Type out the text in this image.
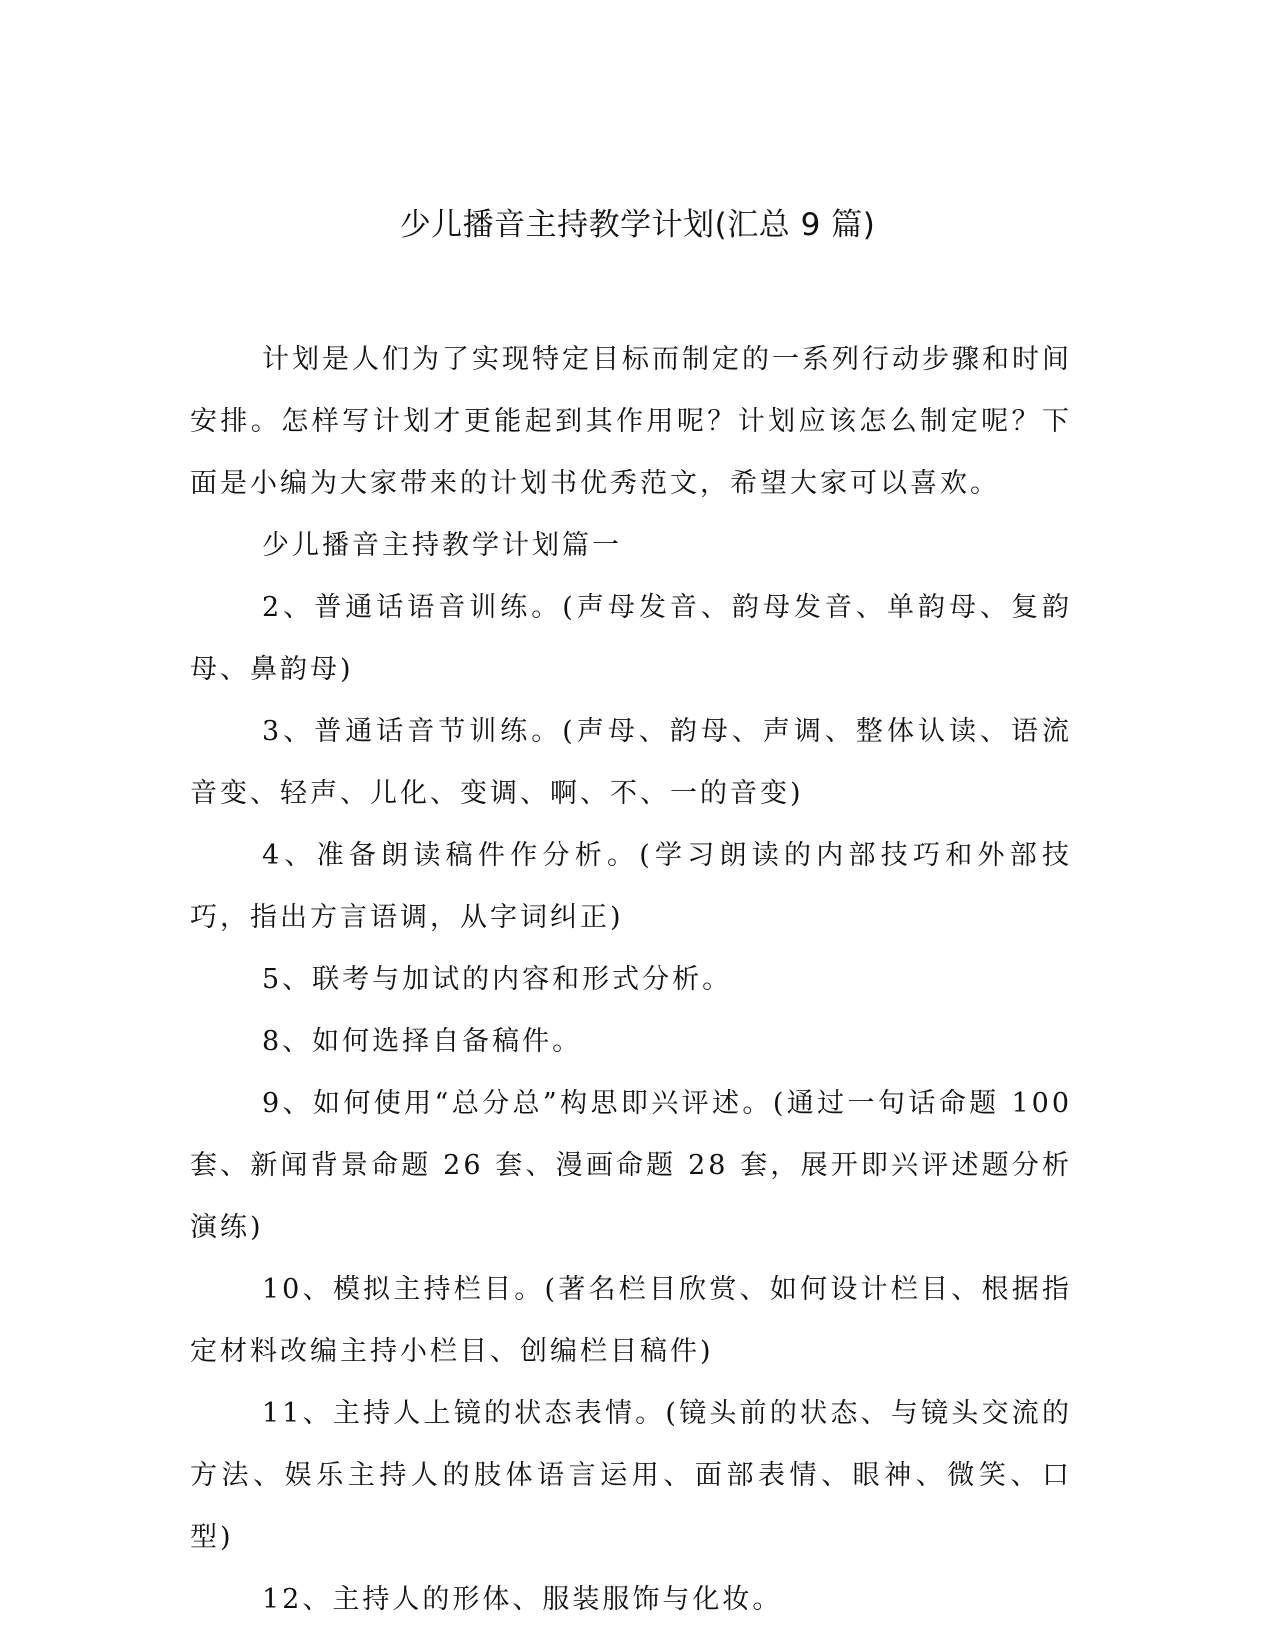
少儿播音主持教学计划(汇总 9 篇)

计划是人们为了实现特定目标而制定的一系列行动步骤和时间安排。怎样写计划才更能起到其作用呢？计划应该怎么制定呢？下面是小编为大家带来的计划书优秀范文，希望大家可以喜欢。

少儿播音主持教学计划篇一

2、普通话语音训练。(声母发音、韵母发音、单韵母、复韵母、鼻韵母)

3、普通话音节训练。(声母、韵母、声调、整体认读、语流音变、轻声、儿化、变调、啊、不、一的音变)

4、准备朗读稿件作分析。(学习朗读的内部技巧和外部技巧，指出方言语调，从字词纠正)

5、联考与加试的内容和形式分析。

8、如何选择自备稿件。

9、如何使用“总分总”构思即兴评述。(通过一句话命题 100 套、新闻背景命题 26 套、漫画命题 28 套，展开即兴评述题分析演练)

10、模拟主持栏目。(著名栏目欣赏、如何设计栏目、根据指定材料改编主持小栏目、创编栏目稿件)

11、主持人上镜的状态表情。(镜头前的状态、与镜头交流的方法、娱乐主持人的肢体语言运用、面部表情、眼神、微笑、口型)

12、主持人的形体、服装服饰与化妆。
